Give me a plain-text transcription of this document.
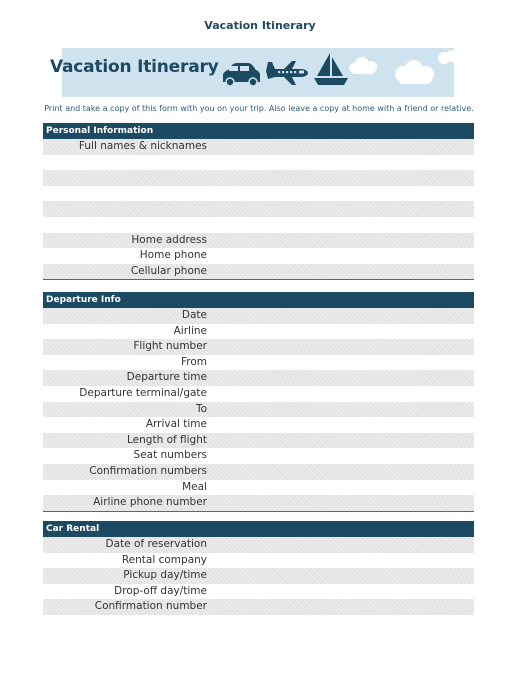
Vacation Itinerary
Vacation Itinerary
Print and take a copy of this form with you on your trip. Also leave a copy at home with a friend or relative.
Personal Information
Full names & nicknames
Home address
Home phone
Cellular phone
Departure Info
Date
Airline
Flight number
From
Departure time
Departure terminal/gate
To
Arrival time
Length of flight
Seat numbers
Confirmation numbers
Meal
Airline phone number
Car Rental
Date of reservation
Rental company
Pickup day/time
Drop-off day/time
Confirmation number
